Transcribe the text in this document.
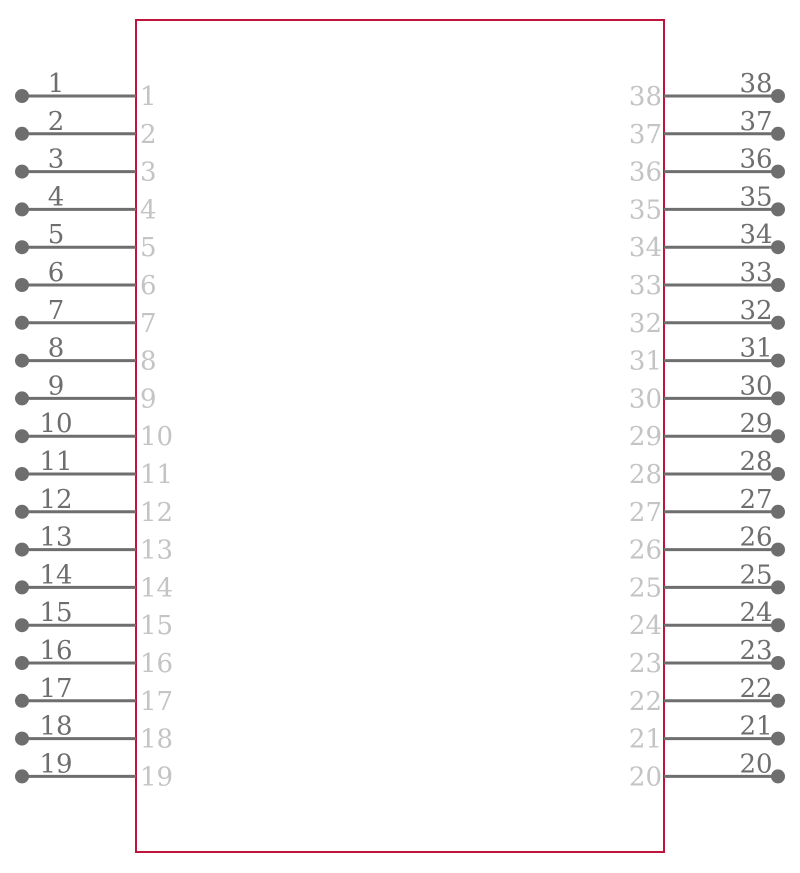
1	1
2	2
3	3
4	4
5	5
6	6
7	7
8	8
9	9
10	10
11	11
12	12
13	13
14	14
15	15
16	16
17	17
18	18
19	19
38
38
37
37
36
36
35
35
34
34
33
33
32
32
31
31
30
30
29
29
28
28
27
27
26
26
25
25
24
24
23
23
22
22
21
21
20
20
